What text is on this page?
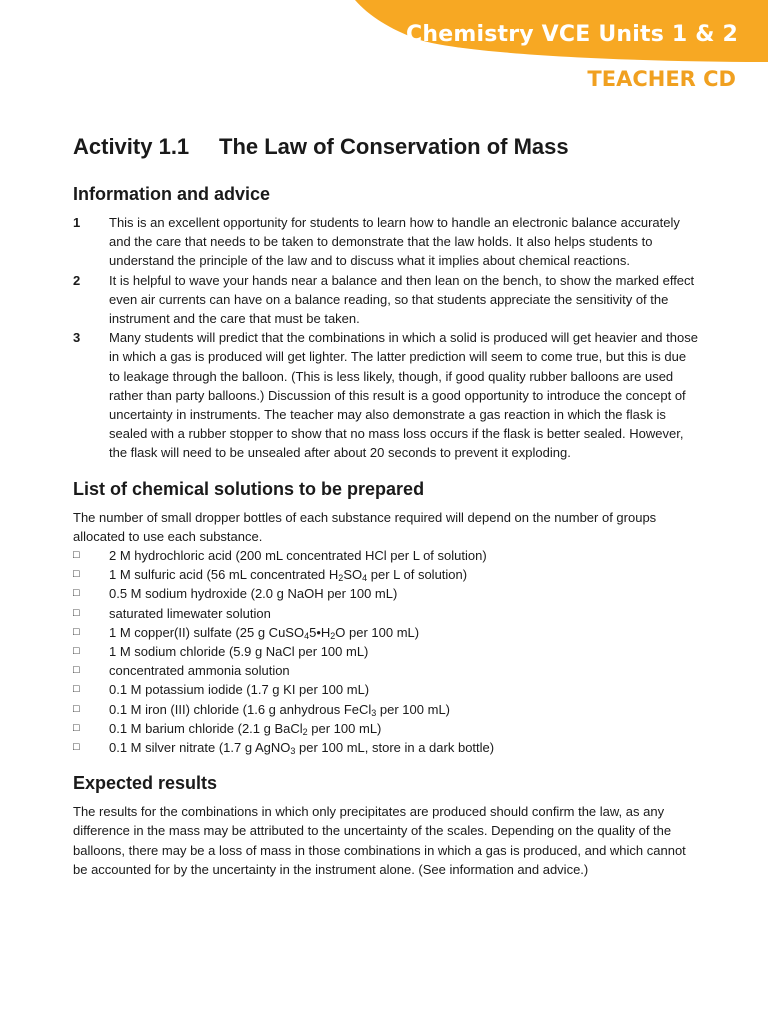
Nelson Chemistry VCE Units 1 & 2
TEACHER CD
Activity 1.1 The Law of Conservation of Mass
Information and advice
1	This is an excellent opportunity for students to learn how to handle an electronic balance accurately and the care that needs to be taken to demonstrate that the law holds. It also helps students to understand the principle of the law and to discuss what it implies about chemical reactions.
2	It is helpful to wave your hands near a balance and then lean on the bench, to show the marked effect even air currents can have on a balance reading, so that students appreciate the sensitivity of the instrument and the care that must be taken.
3	Many students will predict that the combinations in which a solid is produced will get heavier and those in which a gas is produced will get lighter. The latter prediction will seem to come true, but this is due to leakage through the balloon. (This is less likely, though, if good quality rubber balloons are used rather than party balloons.) Discussion of this result is a good opportunity to introduce the concept of uncertainty in instruments. The teacher may also demonstrate a gas reaction in which the flask is sealed with a rubber stopper to show that no mass loss occurs if the flask is better sealed. However, the flask will need to be unsealed after about 20 seconds to prevent it exploding.
List of chemical solutions to be prepared

The number of small dropper bottles of each substance required will depend on the number of groups allocated to use each substance.

□	2 M hydrochloric acid (200 mL concentrated HCl per L of solution)
□	1 M sulfuric acid (56 mL concentrated $H_2SO_4$ per L of solution)
□	0.5 M sodium hydroxide (2.0 g NaOH per 100 mL)
□	saturated limewater solution
□	1 M copper(II) sulfate (25 g $CuSO_45•H_2O$ per 100 mL)
□	1 M sodium chloride (5.9 g NaCl per 100 mL)
□	concentrated ammonia solution
□	0.1 M potassium iodide (1.7 g KI per 100 mL)
□	0.1 M iron (III) chloride (1.6 g anhydrous FeCl$_3$ per 100 mL)
□	0.1 M barium chloride (2.1 g BaCl$_2$ per 100 mL)
□	0.1 M silver nitrate (1.7 g AgNO$_3$ per 100 mL, store in a dark bottle)
Expected results

The results for the combinations in which only precipitates are produced should confirm the law, as any difference in the mass may be attributed to the uncertainty of the scales. Depending on the quality of the balloons, there may be a loss of mass in those combinations in which a gas is produced, and which cannot be accounted for by the uncertainty in the instrument alone. (See information and advice.)
